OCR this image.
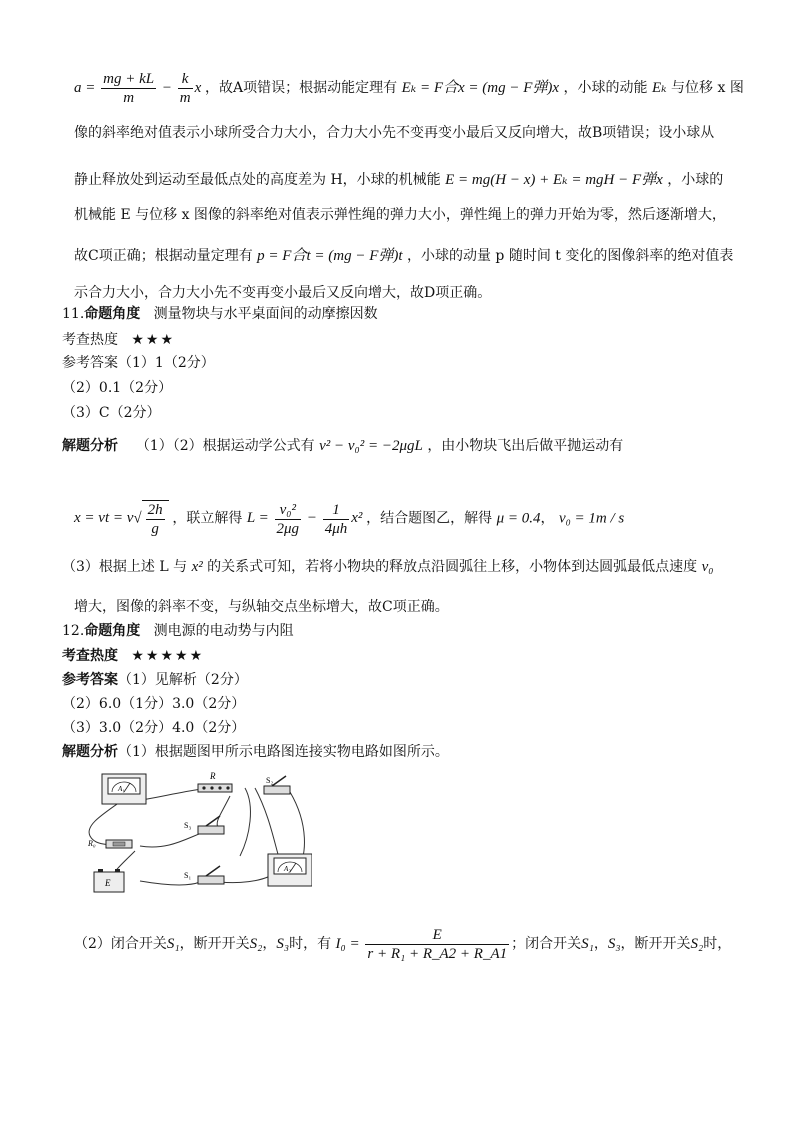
$a = \frac{mg + kL}{m} - \frac{k}{m}$ x ，故A项错误；根据动能定理有 Eₖ = F合x = (mg − F弹)x ，小球的动能 Eₖ 与位移 x 图
像的斜率绝对值表示小球所受合力大小，合力大小先不变再变小最后又反向增大，故B项错误；设小球从
静止释放处到运动至最低点处的高度差为 H，小球的机械能 E = mg(H − x) + Eₖ = mgH − F弹x ，小球的
机械能 E 与位移 x 图像的斜率绝对值表示弹性绳的弹力大小，弹性绳上的弹力开始为零，然后逐渐增大，
故C项正确；根据动量定理有 p = F合t = (mg − F弹)t ，小球的动量 p 随时间 t 变化的图像斜率的绝对值表
示合力大小，合力大小先不变再变小最后又反向增大，故D项正确。
11.命题角度 测量物块与水平桌面间的动摩擦因数
考查热度 ★★★
参考答案（1）1（2分）
（2）0.1（2分）
（3）C（2分）
解题分析 （1）（2）根据运动学公式有 v² − v₀² = −2μgL ，由小物块飞出后做平抛运动有
x = vt = $v√ \frac{2h}{g}$ ，联立解得 $L = \frac{\text{v₀²}}{2\mu g} - \frac{1}{4\mu h} x^2$ ，结合题图乙，解得 μ = 0.4， v₀ = 1m / s
（3）根据上述 L 与 x² 的关系式可知，若将小物块的释放点沿圆弧往上移，小物体到达圆弧最低点速度 v₀
增大，图像的斜率不变，与纵轴交点坐标增大，故C项正确。
12.命题角度 测电源的电动势与内阻
考查热度 ★★★★★
参考答案（1）见解析（2分）
（2）6.0（1分）3.0（2分）
（3）3.0（2分）4.0（2分）
解题分析（1）根据题图甲所示电路图连接实物电路如图所示。
A₁
R	S₂
S₃
R₀
E
S₁
A₂
（2）闭合开关S₁，断开开关S₂，S₃时，有 $I_0 = \frac{E}{\text{r + R₁ + R\_A2 + R\_A1}}$ ；闭合开关S₁，S₃，断开开关S₂时，
